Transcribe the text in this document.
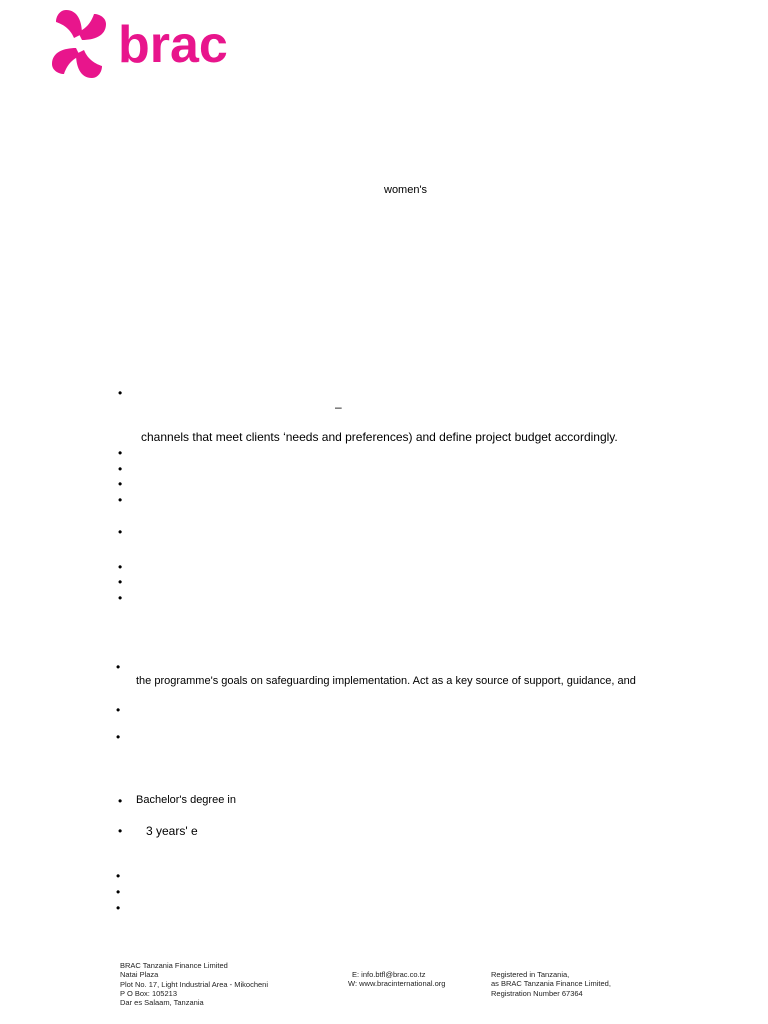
brac
women's
•
–
channels that meet clients ‘needs and preferences) and define project budget accordingly.
•
•
•
•
•
•
•
•
•
the programme's goals on safeguarding implementation. Act as a key source of support, guidance, and
•
•
• Bachelor's degree in
• 3 years' e
•
•
•
BRAC Tanzania Finance Limited
Natai Plaza
Plot No. 17, Light Industrial Area - Mikocheni
P O Box: 105213
Dar es Salaam, Tanzania
E: info.btfl@brac.co.tz
W: www.bracinternational.org
Registered in Tanzania,
as BRAC Tanzania Finance Limited,
Registration Number 67364
